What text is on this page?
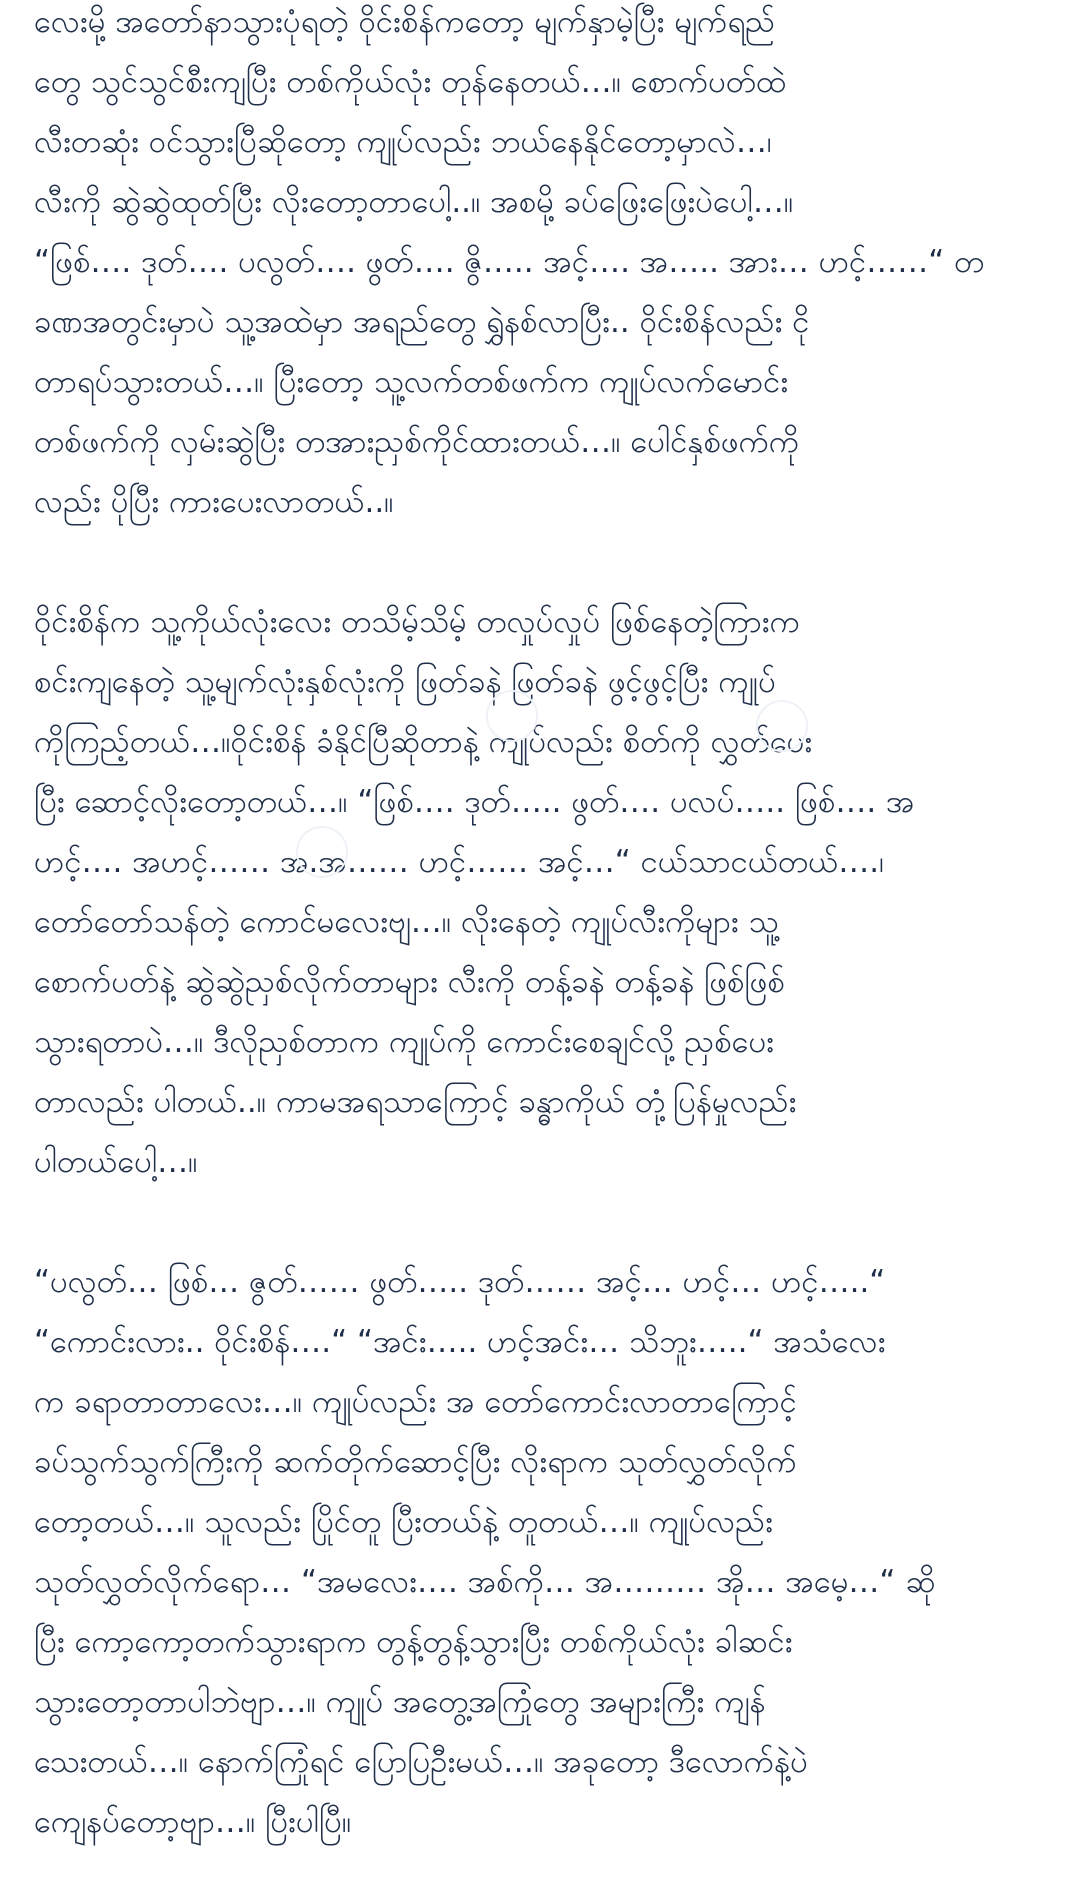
လေးမို့ အတော်နာသွားပုံရတဲ့ ဝိုင်းစိန်ကတော့ မျက်နှာမဲ့ပြီး မျက်ရည်
တွေ သွင်သွင်စီးကျပြီး တစ်ကိုယ်လုံး တုန်နေတယ်…။ စောက်ပတ်ထဲ
လီးတဆုံး ဝင်သွားပြီဆိုတော့ ကျုပ်လည်း ဘယ်နေနိုင်တော့မှာလဲ…၊
လီးကို ဆွဲဆွဲထုတ်ပြီး လိုးတော့တာပေါ့..။ အစမို့ ခပ်ဖြေးဖြေးပဲပေါ့…။
“ဖြစ်…. ဒုတ်…. ပလွတ်…. ဖွတ်…. ဇွိ….. အင့်…. အ….. အား… ဟင့်……“ တ
ခဏအတွင်းမှာပဲ သူ့အထဲမှာ အရည်တွေ ရွှဲနစ်လာပြီး.. ဝိုင်းစိန်လည်း ငို
တာရပ်သွားတယ်…။ ပြီးတော့ သူ့လက်တစ်ဖက်က ကျုပ်လက်မောင်း
တစ်ဖက်ကို လှမ်းဆွဲပြီး တအားညှစ်ကိုင်ထားတယ်…။ ပေါင်နှစ်ဖက်ကို
လည်း ပိုပြီး ကားပေးလာတယ်..။

ဝိုင်းစိန်က သူ့ကိုယ်လုံးလေး တသိမ့်သိမ့် တလှုပ်လှုပ် ဖြစ်နေတဲ့ကြားက
စင်းကျနေတဲ့ သူ့မျက်လုံးနှစ်လုံးကို ဖြတ်ခနဲ ဖြတ်ခနဲ ဖွင့်ဖွင့်ပြီး ကျုပ်
ကိုကြည့်တယ်…။ဝိုင်းစိန် ခံနိုင်ပြီဆိုတာနဲ့ ကျုပ်လည်း စိတ်ကို လွှတ်ပေး
ပြီး ဆောင့်လိုးတော့တယ်…။ “ဖြစ်…. ဒုတ်….. ဖွတ်…. ပလပ်….. ဖြစ်…. အ
ဟင့်…. အဟင့်…… အ.အ…… ဟင့်…… အင့်…“ ငယ်သာငယ်တယ်….၊
တော်တော်သန်တဲ့ ကောင်မလေးဗျ…။ လိုးနေတဲ့ ကျုပ်လီးကိုများ သူ့
စောက်ပတ်နဲ့ ဆွဲဆွဲညှစ်လိုက်တာများ လီးကို တန့်ခနဲ တန့်ခနဲ ဖြစ်ဖြစ်
သွားရတာပဲ…။ ဒီလိုညှစ်တာက ကျုပ်ကို ကောင်းစေချင်လို့ ညှစ်ပေး
တာလည်း ပါတယ်..။ ကာမအရသာကြောင့် ခန္ဓာကိုယ် တုံ့ပြန်မှုလည်း
ပါတယ်ပေါ့…။

“ပလွတ်… ဖြစ်… ဇွတ်…… ဖွတ်….. ဒုတ်…… အင့်… ဟင့်… ဟင့်…..“
“ကောင်းလား.. ဝိုင်းစိန်….“ “အင်း….. ဟင့်အင်း… သိဘူး…..“ အသံလေး
က ခရာတာတာလေး…။ ကျုပ်လည်း အ တော်ကောင်းလာတာကြောင့်
ခပ်သွက်သွက်ကြီးကို ဆက်တိုက်ဆောင့်ပြီး လိုးရာက သုတ်လွှတ်လိုက်
တော့တယ်…။ သူလည်း ပြိုင်တူ ပြီးတယ်နဲ့ တူတယ်…။ ကျုပ်လည်း
သုတ်လွှတ်လိုက်ရော… “အမလေး…. အစ်ကို… အ……… အို… အမေ့…“ ဆို
ပြီး ကော့ကော့တက်သွားရာက တွန့်တွန့်သွားပြီး တစ်ကိုယ်လုံး ခါဆင်း
သွားတော့တာပါဘဲဗျာ…။ ကျုပ် အတွေ့အကြုံတွေ အများကြီး ကျန်
သေးတယ်…။ နောက်ကြုံရင် ပြောပြဦးမယ်…။ အခုတော့ ဒီလောက်နဲ့ပဲ
ကျေနပ်တော့ဗျာ…။ ပြီးပါပြီ။
